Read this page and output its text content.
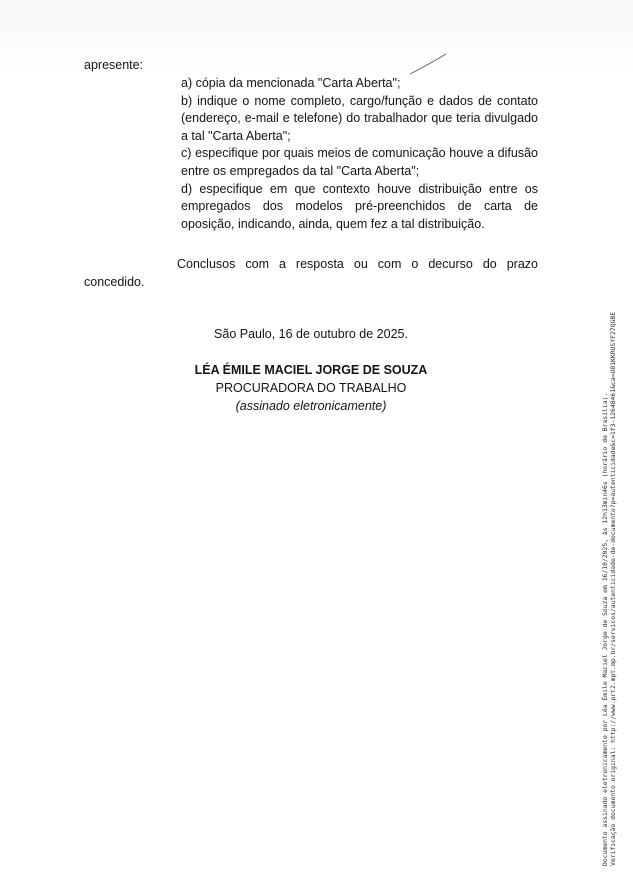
apresente:

a) cópia da mencionada "Carta Aberta";

b) indique o nome completo, cargo/função e dados de contato (endereço, e-mail e telefone) do trabalhador que teria divulgado a tal "Carta Aberta";

c) especifique por quais meios de comunicação houve a difusão entre os empregados da tal "Carta Aberta";

d) especifique em que contexto houve distribuição entre os empregados dos modelos pré-preenchidos de carta de oposição, indicando, ainda, quem fez a tal distribuição.

Conclusos com a resposta ou com o decurso do prazo concedido.
São Paulo, 16 de outubro de 2025.
LÉA ÉMILE MACIEL JORGE DE SOUZA
PROCURADORA DO TRABALHO
(assinado eletronicamente)	Documento assinado eletronicamente por Léa Émile Maciel Jorge de Souza em 16/10/2025, às 12h13min46s (horário de Brasília). Verificação documento original: http://www.prt2.mpt.mp.br/servicos/autenticidade-de-documento?p=autenticidade&c=1f3-12648461&ca=U81KKRUSYF27QGBE
